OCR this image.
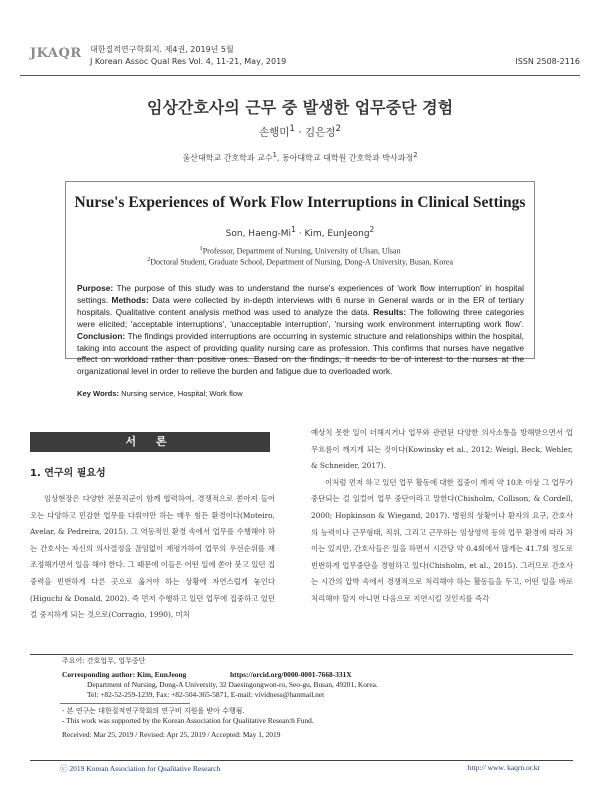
JKAQR 대한질적연구학회지. 제4권, 2019년 5월
J Korean Assoc Qual Res Vol. 4, 11-21, May, 2019	ISSN 2508-2116
임상간호사의 근무 중 발생한 업무중단 경험
손행미$^1$ · 김은정$^2$
울산대학교 간호학과 교수$^1$, 동아대학교 대학원 간호학과 박사과정$^2$
Nurse's Experiences of Work Flow Interruptions in Clinical Settings
Son, Haeng-$Mi^1$ · Kim, EunJeong$^2$
$^1$Professor, Department of Nursing, University of Ulsan, Ulsan
$^2$Doctoral Student, Graduate School, Department of Nursing, Dong-A University, Busan, Korea
Purpose: The purpose of this study was to understand the nurse's experiences of 'work flow interruption' in hospital settings. Methods: Data were collected by in-depth interviews with 6 nurse in General wards or in the ER of tertiary hospitals. Qualitative content analysis method was used to analyze the data. Results: The following three categories were elicited; 'acceptable interruptions', 'unacceptable interruption', 'nursing work environment interrupting work flow'. Conclusion: The findings provided interruptions are occurring in systemic structure and relationships within the hospital, taking into account the aspect of providing quality nursing care as profession. This confirms that nurses have negative effect on workload rather than positive ones. Based on the findings, it needs to be of interest to the nurses at the organizational level in order to relieve the burden and fatigue due to overloaded work.
Key Words: Nursing service, Hospital; Work flow
서 론
1. 연구의 필요성
임상현장은 다양한 전문직군이 함께 협력하여, 경쟁적으로 쏟아져 들어오는 다양하고 민감한 업무를 다뤄야만 하는 매우 힘든 환경이다(Moteiro, Avelar, & Pedreira, 2015). 그 역동적인 환경 속에서 업무를 수행해야 하는 간호사는 자신의 의사결정을 끊임없이 재평가하여 업무의 우선순위를 재조정해가면서 일을 해야 한다. 그 때문에 이들은 어떤 일에 쏟아 붓고 있던 집중력을 빈번하게 다른 곳으로 옮겨야 하는 상황에 자연스럽게 놓인다(Higuchi & Donald, 2002). 즉 먼저 수행하고 있던 업무에 집중하고 있던 걸 중지하게 되는 것으로(Corragio, 1990), 미처

예상치 못한 일이 더해지거나 업무와 관련된 다양한 의사소통을 방해받으면서 업무흐름이 깨지게 되는 것이다(Kowinsky et al., 2012; Weigl, Beck, Wehler, & Schneider, 2017).

이처럼 먼저 하고 있던 업무 활동에 대한 집중이 깨져 약 10초 이상 그 업무가 중단되는 걸 일컬어 업무 중단이라고 말한다(Chisholm, Collison, & Cordell, 2000; Hopkinson & Wiegand, 2017). 병원의 상황이나 환자의 요구, 간호사의 능력이나 근무형태, 직위, 그리고 근무하는 임상영역 등의 업무 환경에 따라 차이는 있지만, 간호사들은 일을 하면서 시간당 약 0.4회에서 많게는 41.7회 정도로 빈번하게 업무중단을 경험하고 있다(Chisholm, et al., 2015). 그러므로 간호사는 시간의 압박 속에서 경쟁적으로 처리해야 하는 활동들을 두고, 어떤 일을 바로 처리해야 할지 아니면 다음으로 지연시킬 것인지를 즉각

주요어: 간호업무, 업무중단
Corresponding author: Kim, EunJeong	https://orcid.org/0000-0001-7668-331X
Department of Nursing, Dong-A University, 32 Daesingongwon-ro, Seo-gu, Busan, 49201, Korea.
Tel: +82-52-259-1239, Fax: +82-504-365-5871, E-mail: vividness@hanmail.net
- 본 연구는 대한질적연구학회의 연구비 지원을 받아 수행됨.
- This work was supported by the Korean Association for Qualitative Research Fund.
Received: Mar 25, 2019 / Revised: Apr 25, 2019 / Accepted: May 1, 2019
ⓒ 2019 Korean Association for Qualitative Research	http:// www. kaqrn.or.kr
